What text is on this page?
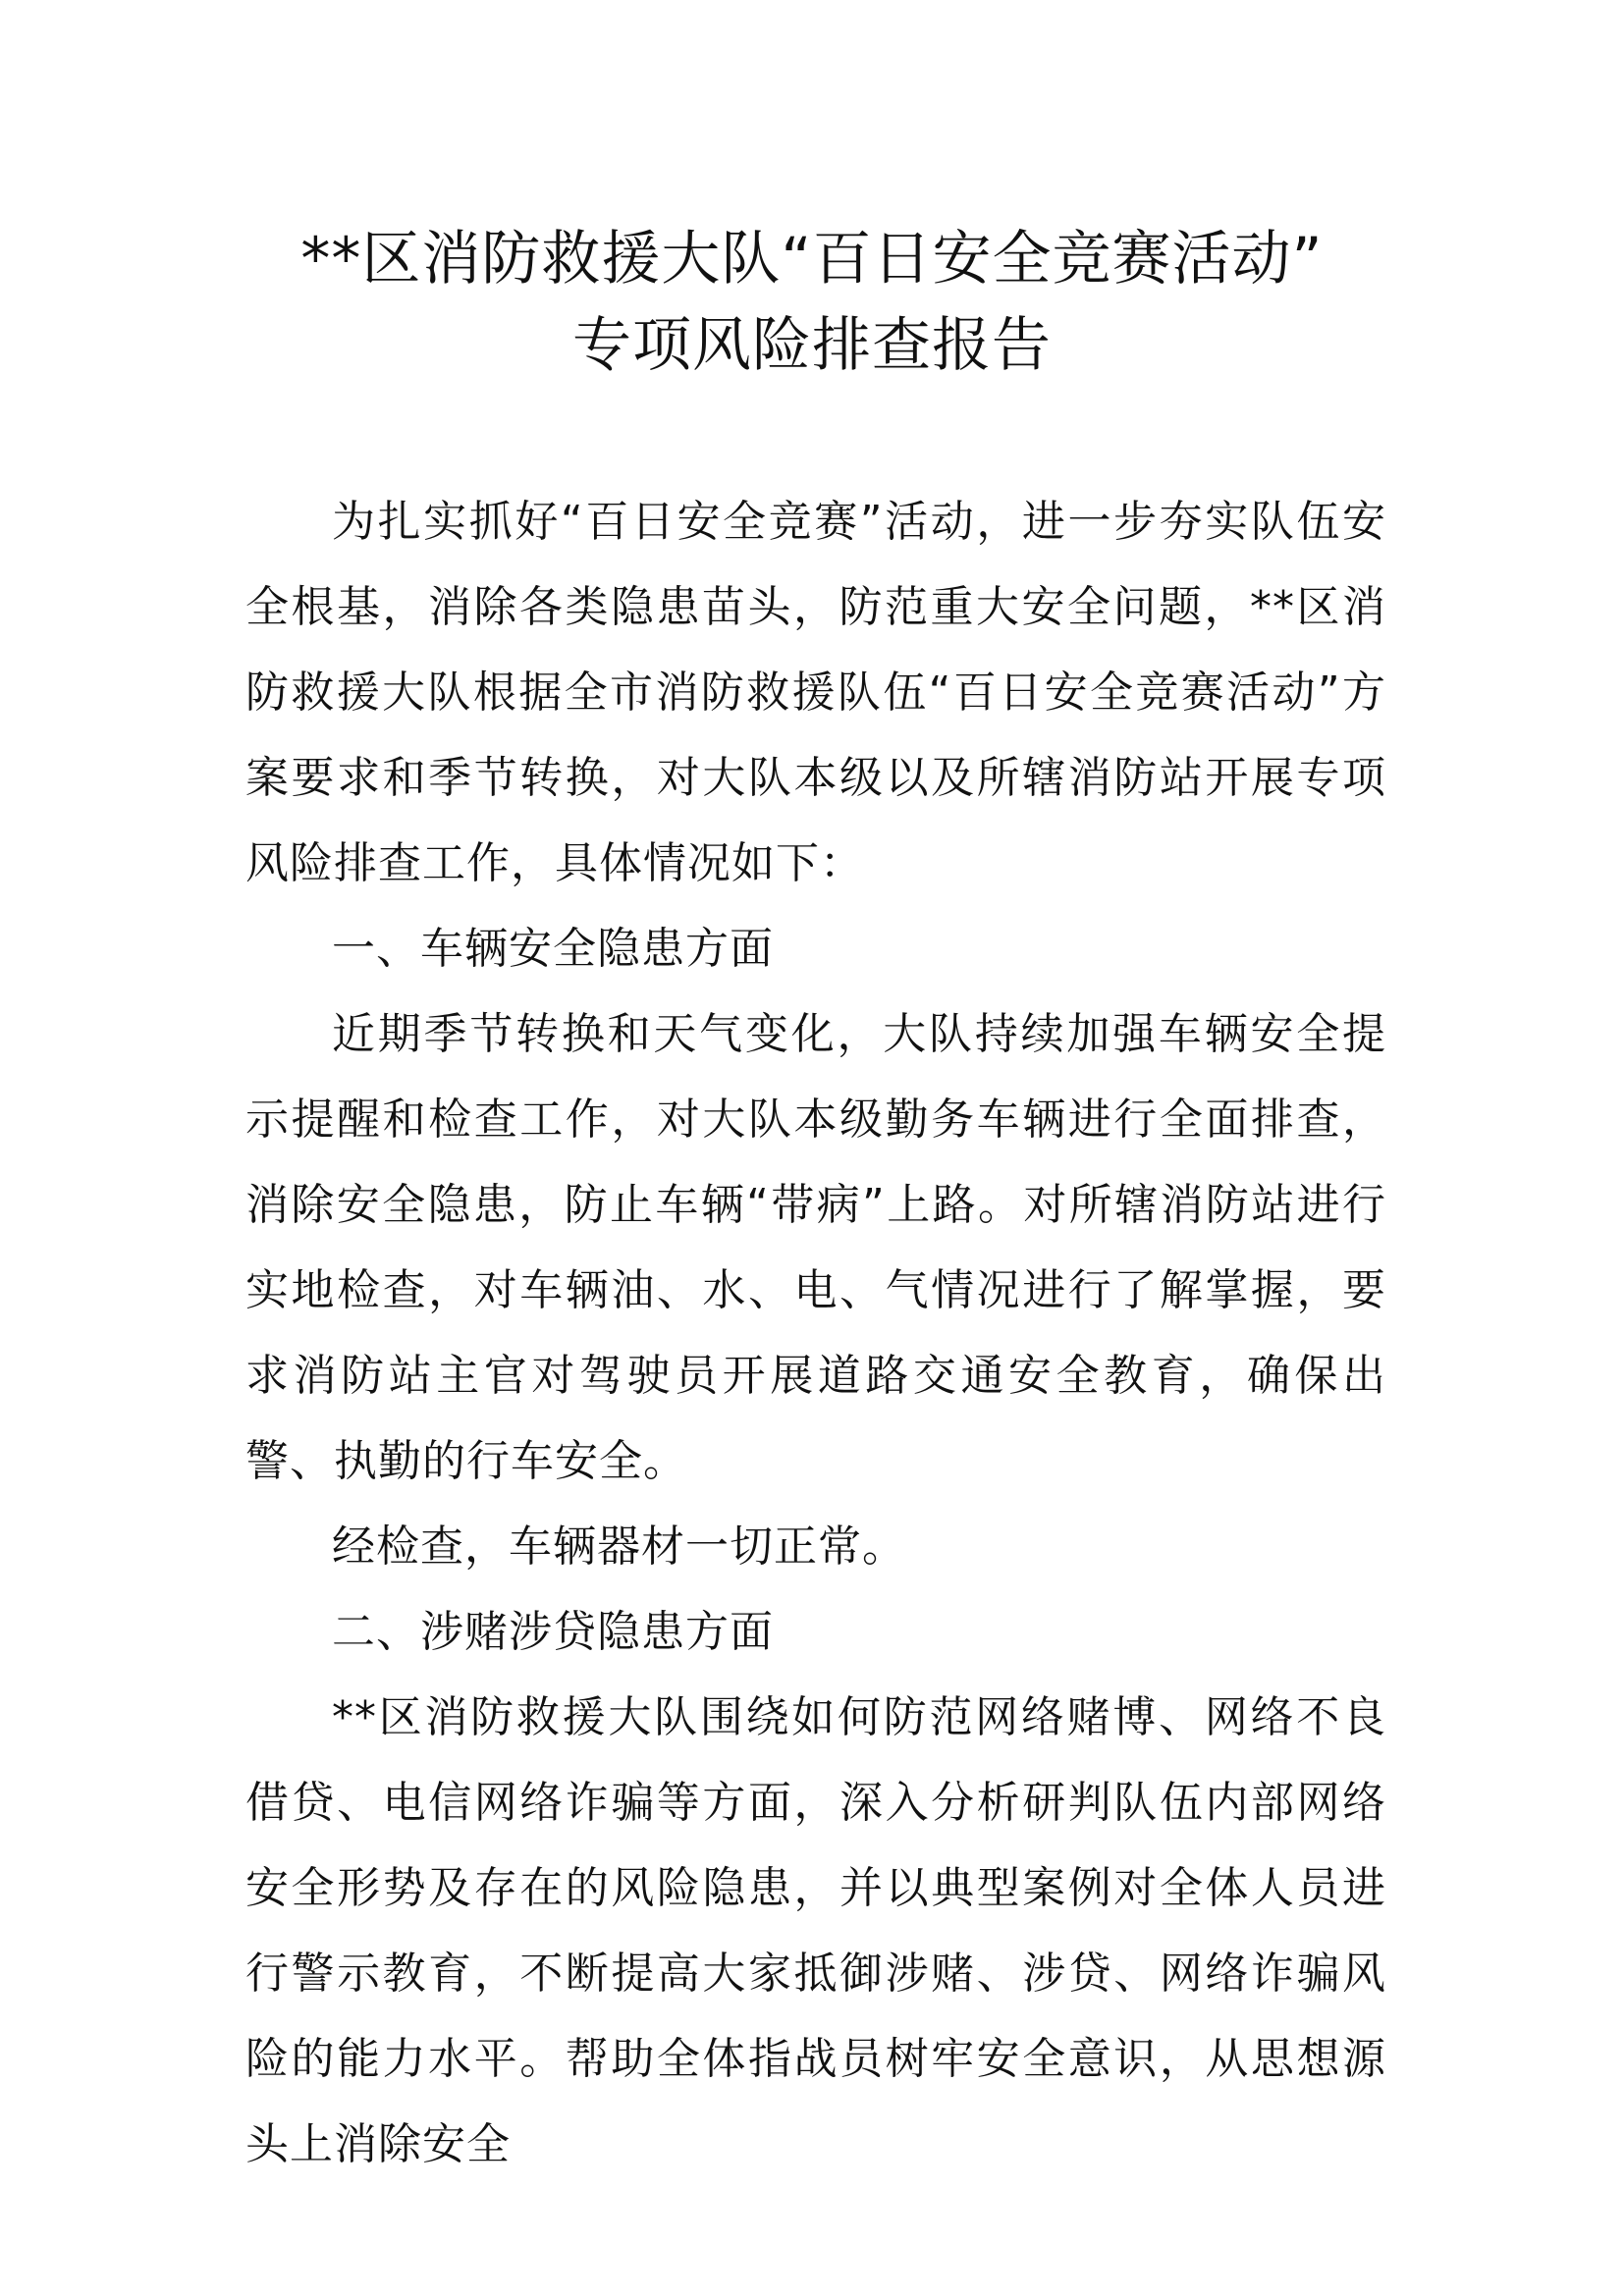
**区消防救援大队“百日安全竞赛活动”
专项风险排查报告

为扎实抓好“百日安全竞赛”活动，进一步夯实队伍安全根基，消除各类隐患苗头，防范重大安全问题，**区消防救援大队根据全市消防救援队伍“百日安全竞赛活动”方案要求和季节转换，对大队本级以及所辖消防站开展专项风险排查工作，具体情况如下：

一、车辆安全隐患方面

近期季节转换和天气变化，大队持续加强车辆安全提示提醒和检查工作，对大队本级勤务车辆进行全面排查，消除安全隐患，防止车辆“带病”上路。对所辖消防站进行实地检查，对车辆油、水、电、气情况进行了解掌握，要求消防站主官对驾驶员开展道路交通安全教育，确保出警、执勤的行车安全。

经检查，车辆器材一切正常。

二、涉赌涉贷隐患方面

**区消防救援大队围绕如何防范网络赌博、网络不良借贷、电信网络诈骗等方面，深入分析研判队伍内部网络安全形势及存在的风险隐患，并以典型案例对全体人员进行警示教育，不断提高大家抵御涉赌、涉贷、网络诈骗风险的能力水平。帮助全体指战员树牢安全意识，从思想源头上消除安全
